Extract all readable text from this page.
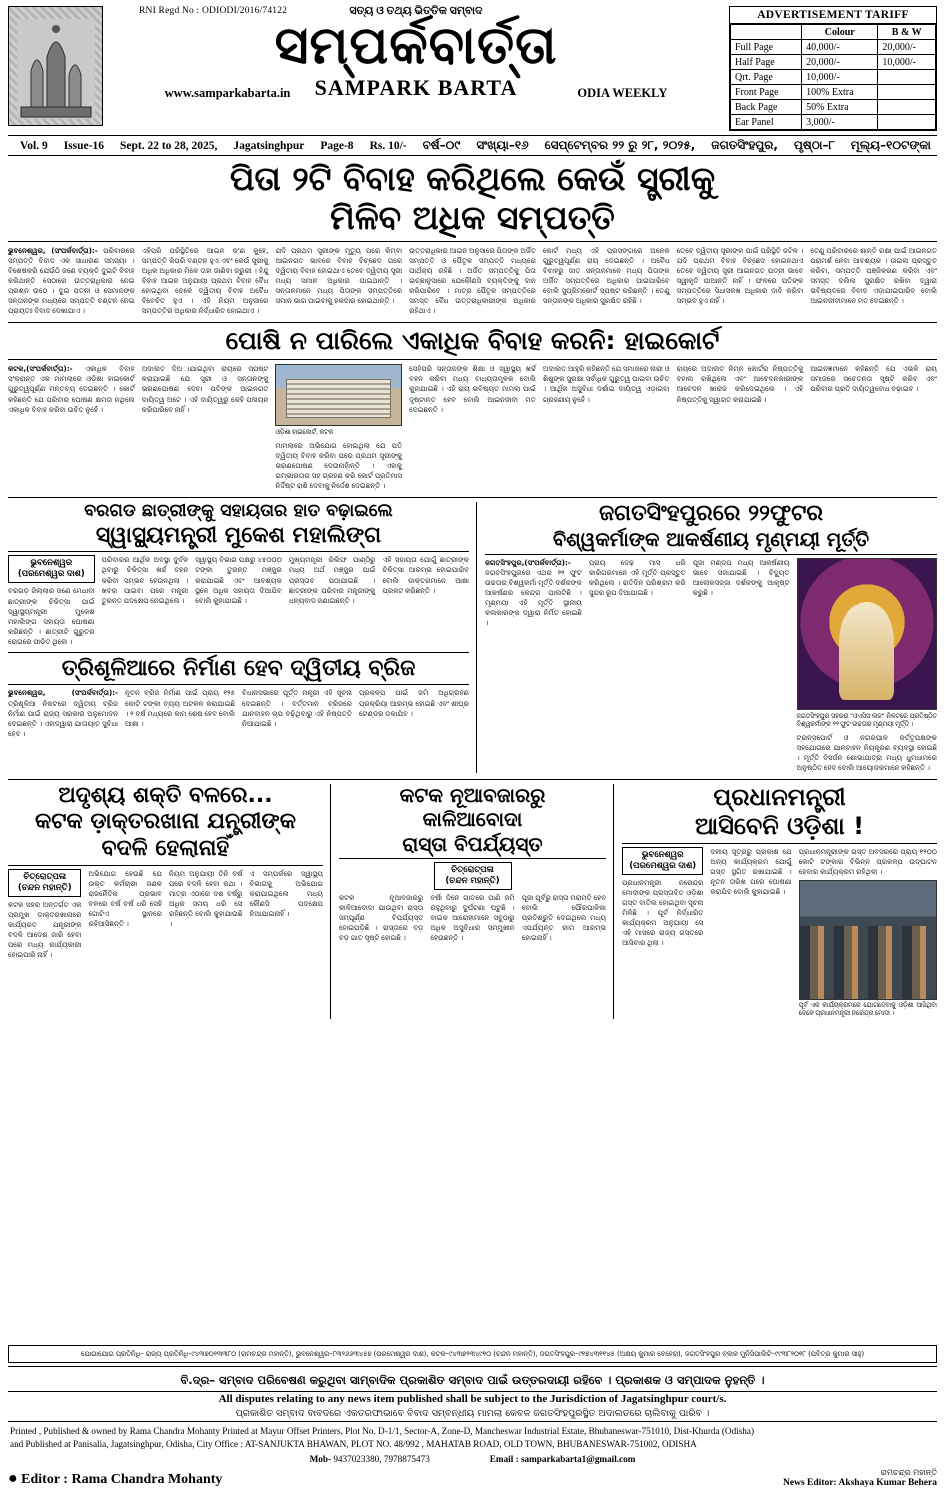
RNI Regd No : ODIODI/2016/74122	ସତ୍ୟ ଓ ତଥ୍ୟ ଭିତ୍ତିକ ସମ୍ବାଦ
ସମ୍ପର୍କବାର୍ତ୍ତା
www.samparkabarta.in	SAMPARK BARTA	ODIA WEEKLY
ADVERTISEMENT TARIFF
	Colour	B & W
Full Page	40,000/-	20,000/-
Half Page	20,000/-	10,000/-
Qrt. Page	10,000/-	
Front Page	100% Extra	
Back Page	50% Extra	
Ear Panel	3,000/-	
Vol. 9	Issue-16	Sept. 22 to 28, 2025,	Jagatsinghpur	Page-8	Rs. 10/-	ବର୍ଷ–୦୯	ସଂଖ୍ୟା–୧୬	ସେପ୍ଟେମ୍ବର ୨୨ ରୁ ୨୮, ୨୦୨୫,	ଜଗତସିଂହପୁର,	ପୃଷ୍ଠା–୮	ମୂଲ୍ୟ–୧୦ଟଙ୍କା
ପିତା ୨ଟି ବିବାହ କରିଥିଲେ କେଉଁ ସ୍ତ୍ରୀକୁ
ମିଳିବ ଅଧିକ ସମ୍ପତ୍ତି
ଭୁବନେଶ୍ୱର, (ସଂପର୍କବାର୍ତ୍ତା):- ପରିବାରରେ ସମ୍ପତ୍ତି ବିବାଦ ଏକ ସାଧାରଣ ସମସ୍ୟା । ବିଶେଷକରି ଯେଉଁଠି ଜଣେ ବ୍ୟକ୍ତି ଦୁଇଟି ବିବାହ କରିଥାନ୍ତି ସେଠାରେ ଉତ୍ତରାଧିକାର ନେଇ ପ୍ରଶ୍ନ ଉଠେ । ଦୁଇ ପତ୍ନୀ ଓ ସେମାନଙ୍କ ସନ୍ତାନଙ୍କ ମଧ୍ୟରେ ସମ୍ପତ୍ତି ବଣ୍ଟନ ନେଇ ପ୍ରାୟତଃ ବିବାଦ ଦେଖାଯାଏ ।
ଏହିପରି ପରିସ୍ଥିତିରେ ଆଇନ କ'ଣ କୁହେ, ସମ୍ପତ୍ତି କିପରି ବଣ୍ଟନ ହୁଏ ଏବଂ କେଉଁ ସ୍ତ୍ରୀକୁ ଅଧିକ ଅଧିକାର ମିଳେ ତାହା ଜାଣିବା ଜରୁରୀ । ହିନ୍ଦୁ ବିବାହ ଆଇନ ଅନୁଯାୟୀ ପ୍ରଥମ ବିବାହ ବୈଧ ହୋଇଥିବା ବେଳେ ଦ୍ୱିତୀୟ ବିବାହ ଅବୈଧ ବିବେଚିତ ହୁଏ । ଏହି ନିୟମ ଅନୁସାରେ ସମ୍ପତ୍ତିର ଅଧିକାର ନିର୍ଦ୍ଧାରିତ ହୋଇଥାଏ ।
ଯଦି ପ୍ରଥମ ସ୍ତ୍ରୀଙ୍କ ମୃତ୍ୟୁ ପରେ କିମ୍ବା ଆଇନଗତ ଭାବରେ ବିବାହ ବିଚ୍ଛେଦ ପରେ ଦ୍ୱିତୀୟ ବିବାହ ହୋଇଥାଏ ତେବେ ଦ୍ୱିତୀୟ ସ୍ତ୍ରୀ ମଧ୍ୟ ସମାନ ଅଧିକାର ପାଇଥାନ୍ତି । ସନ୍ତାନମାନେ ମଧ୍ୟ ପିତାଙ୍କ ସମ୍ପତ୍ତିରେ ସମାନ ଭାଗ ପାଇବାକୁ ହକଦାର ହୋଇଥାନ୍ତି ।
ଉତ୍ତରାଧିକାର ଆଇନ ଅନୁସାରେ ପିତାଙ୍କ ଅର୍ଜିତ ସମ୍ପତ୍ତି ଓ ପୈତୃକ ସମ୍ପତ୍ତି ମଧ୍ୟରେ ପାର୍ଥକ୍ୟ ରହିଛି । ଅର୍ଜିତ ସମ୍ପତ୍ତିକୁ ପିତା ଇଚ୍ଛାନୁସାରେ ଯେକୌଣସି ବ୍ୟକ୍ତିଙ୍କୁ ଦାନ କରିପାରିବେ । ମାତ୍ର ପୈତୃକ ସମ୍ପତ୍ତିରେ ସମସ୍ତ ବୈଧ ଉତ୍ତରାଧିକାରୀଙ୍କ ଅଧିକାର ରହିଥାଏ ।
କୋର୍ଟ ମଧ୍ୟ ଏହି ପ୍ରସଙ୍ଗରେ ଅନେକ ଗୁରୁତ୍ୱପୂର୍ଣ୍ଣ ରାୟ ଦେଇଛନ୍ତି । ଅବୈଧ ବିବାହରୁ ଜାତ ସନ୍ତାନମାନେ ମଧ୍ୟ ପିତାଙ୍କ ଅର୍ଜିତ ସମ୍ପତ୍ତିରେ ଅଧିକାର ପାଇପାରିବେ ବୋଲି ସୁପ୍ରିମକୋର୍ଟ ସ୍ପଷ୍ଟ କରିଛନ୍ତି । ତେଣୁ ସନ୍ତାନଙ୍କ ଅଧିକାର ସୁରକ୍ଷିତ ରହିଛି ।
ତେବେ ଦ୍ୱିତୀୟ ସ୍ତ୍ରୀଙ୍କ ପାଇଁ ପରିସ୍ଥିତି ଜଟିଳ । ଯଦି ପ୍ରଥମ ବିବାହ ବିଚ୍ଛେଦ ହୋଇନଥାଏ ତେବେ ଦ୍ୱିତୀୟ ସ୍ତ୍ରୀ ଆଇନଗତ ପତ୍ନୀ ଭାବେ ସ୍ୱୀକୃତି ପାଆନ୍ତି ନାହିଁ । ଫଳରେ ପତିଙ୍କ ସମ୍ପତ୍ତିରେ ସିଧାସଳଖ ଅଧିକାର ଦାବି କରିବା ସମ୍ଭବ ହୁଏ ନାହିଁ ।
ତେଣୁ ପରିବାରରେ ଶାନ୍ତି ରକ୍ଷା ପାଇଁ ଆଇନଗତ ପରାମର୍ଶ ନେବା ଆବଶ୍ୟକ । ଉଇଲ ପ୍ରସ୍ତୁତ କରିବା, ସମ୍ପତ୍ତି ପଞ୍ଜିକରଣ କରିବା ଏବଂ ସମସ୍ତ ଦଲିଲ ସୁରକ୍ଷିତ ରଖିବା ଦ୍ୱାରା ଭବିଷ୍ୟତରେ ବିବାଦ ଏଡ଼ାଯାଇପାରିବ ବୋଲି ଆଇନଜୀବୀମାନେ ମତ ଦେଇଛନ୍ତି ।
ପୋଷି ନ ପାରିଲେ ଏକାଧିକ ବିବାହ କରନି: ହାଇକୋର୍ଟ
କଟକ,(ସଂପର୍କବାର୍ତ୍ତା):- ଏକାଧିକ ବିବାହ ସଂକ୍ରାନ୍ତ ଏକ ମାମଲାରେ ଓଡ଼ିଶା ହାଇକୋର୍ଟ ଗୁରୁତ୍ୱପୂର୍ଣ୍ଣ ମନ୍ତବ୍ୟ ଦେଇଛନ୍ତି । କୋର୍ଟ କହିଛନ୍ତି ଯେ ପରିବାର ପୋଷଣ କ୍ଷମତା ନଥିଲେ ଏକାଧିକ ବିବାହ କରିବା ଉଚିତ ନୁହେଁ ।
ଅଦାଲତ ଦିଅାଯାଇଥିବା ରାୟରେ ସ୍ପଷ୍ଟ କରାଯାଇଛି ଯେ ସ୍ତ୍ରୀ ଓ ସନ୍ତାନଙ୍କୁ ଭରଣପୋଷଣ ଦେବା ପତିଙ୍କ ଆଇନଗତ ଦାୟିତ୍ୱ ଅଟେ । ଏହି ଦାୟିତ୍ୱରୁ କେହି ପଳାୟନ କରିପାରିବେ ନାହିଁ ।
ଓଡ଼ିଶା ହାଇକୋର୍ଟ, କଟକ
ମାମଲାରେ ଅଭିଯୋଗ ହୋଇଥିଲା ଯେ ପତି ଦ୍ୱିତୀୟ ବିବାହ କରିବା ପରେ ପ୍ରଥମ ସ୍ତ୍ରୀଙ୍କୁ ଭରଣପୋଷଣ ଦେଉନାହାଁନ୍ତି । ଏହାକୁ ଗମ୍ଭୀରତାର ସହ ଗ୍ରହଣ କରି କୋର୍ଟ ପ୍ରତିମାସ ନିର୍ଦ୍ଦିଷ୍ଟ ରାଶି ଦେବାକୁ ନିର୍ଦ୍ଦେଶ ଦେଇଛନ୍ତି ।
ସେହିପରି ସନ୍ତାନଙ୍କ ଶିକ୍ଷା ଓ ସ୍ୱାସ୍ଥ୍ୟ ଖର୍ଚ୍ଚ ବହନ କରିବା ମଧ୍ୟ ବାଧ୍ୟତାମୂଳକ ବୋଲି କୁହାଯାଇଛି । ଏହି ରାୟ ଭବିଷ୍ୟତ ମାମଲା ପାଇଁ ଦୃଷ୍ଟାନ୍ତ ହେବ ବୋଲି ଆଇନଜୀବୀ ମତ ଦେଇଛନ୍ତି ।
ଅଦାଲତ ଆହୁରି କହିଛନ୍ତି ଯେ ସମାଜରେ ନାରୀ ଓ ଶିଶୁଙ୍କ ସୁରକ୍ଷା ସର୍ବାଧିକ ଗୁରୁତ୍ୱ ପାଇବା ଉଚିତ । ଆର୍ଥିକ ଅସୁବିଧା ଦର୍ଶାଇ ଦାୟିତ୍ୱ ଏଡ଼ାଇବା ଗ୍ରହଣୀୟ ନୁହେଁ ।
ରାୟରେ ଅଦାଲତ ନିମ୍ନ କୋର୍ଟର ନିଷ୍ପତ୍ତିକୁ ବହାଲ ରଖିଥିଲେ ଏବଂ ଆବେଦନକାରୀଙ୍କ ଆବେଦନ ଖାରଜ କରିଦେଇଥିଲେ । ଏହି ନିଷ୍ପତ୍ତିକୁ ସ୍ୱାଗତ କରାଯାଇଛି ।
ଆଇନଜ୍ଞମାନେ କହିଛନ୍ତି ଯେ ଏଭଳି ରାୟ ସମାଜରେ ସଚେତନତା ସୃଷ୍ଟି କରିବ ଏବଂ ପରିବାର ପ୍ରତି ଦାୟିତ୍ୱବୋଧ ବଢ଼ାଇବ ।
ବରଗଡ ଛାତ୍ରୀଙ୍କୁ ସହାୟତାର ହାତ ବଢ଼ାଇଲେ
ସ୍ୱାସ୍ଥ୍ୟମନ୍ତ୍ରୀ ମୁକେଶ ମହାଲିଙ୍ଗ
ଭୁବନେଶ୍ୱର
(ପରମେଶ୍ୱର ଦାଶ)
ବରଗଡ଼ ଜିଲ୍ଲାର ଜଣେ ମେଧାବୀ ଛାତ୍ରୀଙ୍କ ଚିକିତ୍ସା ପାଇଁ ସ୍ୱାସ୍ଥ୍ୟମନ୍ତ୍ରୀ ମୁକେଶ ମହାଲିଙ୍ଗ ସହାୟତା ଘୋଷଣା କରିଛନ୍ତି । ଛାତ୍ରୀଟି ଗୁରୁତର ରୋଗରେ ପୀଡ଼ିତ ଥିଲେ ।
ପରିବାରର ଆର୍ଥିକ ଅବସ୍ଥା ଦୁର୍ବଳ ଥିବାରୁ ଚିକିତ୍ସା ଖର୍ଚ୍ଚ ବହନ କରିବା ସମ୍ଭବ ହେଉନଥିଲା । ଖବର ପାଇବା ପରେ ମନ୍ତ୍ରୀ ତୁରନ୍ତ ପଦକ୍ଷେପ ନେଇଥିଲେ ।
ସ୍ୱାସ୍ଥ୍ୟ ବିଭାଗ ପକ୍ଷରୁ ୪୫୦୦୦ ଟଙ୍କା ତୁରନ୍ତ ମଞ୍ଜୁର କରାଯାଇଛି ଏବଂ ଆବଶ୍ୟକ ସ୍ଥଳେ ଅଧିକ ସହାୟତା ଦିଆଯିବ ବୋଲି କୁହାଯାଇଛି ।
ମୁଖ୍ୟମନ୍ତ୍ରୀ ରିଲିଫ ପାଣ୍ଠିରୁ ମଧ୍ୟ ଅର୍ଥ ମଞ୍ଜୁର ପାଇଁ ପ୍ରସ୍ତାବ ପଠାଯାଇଛି । ଛାତ୍ରୀଙ୍କ ପରିବାର ମନ୍ତ୍ରୀଙ୍କୁ ଧନ୍ୟବାଦ ଜଣାଇଛନ୍ତି ।
ଏହି ସହାୟତା ଯୋଗୁଁ ଛାତ୍ରୀଙ୍କ ଚିକିତ୍ସା ଆରମ୍ଭ ହୋଇପାରିବ ବୋଲି ଡାକ୍ତରମାନେ ଆଶା ପ୍ରକଟ କରିଛନ୍ତି ।
ତ୍ରିଶୂଳିଆରେ ନିର୍ମାଣ ହେବ ଦ୍ୱିତୀୟ ବ୍ରିଜ
ଭୁବନେଶ୍ୱର, (ସଂପର୍କବାର୍ତ୍ତା):- ତ୍ରିଶୂଳିଆ ନିକଟରେ ଦ୍ୱିତୀୟ ବ୍ରିଜ ନିର୍ମାଣ ପାଇଁ ରାଜ୍ୟ ସରକାର ଅନୁମୋଦନ ଦେଇଛନ୍ତି । ଏହାଦ୍ୱାରା ଯାତାୟାତ ସୁବିଧା ହେବ ।
ନୂତନ ବ୍ରିଜ ନିର୍ମାଣ ପାଇଁ ପ୍ରାୟ ୧୨୫ କୋଟି ଟଙ୍କା ବ୍ୟୟ ଅଟକଳ କରାଯାଇଛି । ୨ ବର୍ଷ ମଧ୍ୟରେ କାମ ଶେଷ ହେବ ବୋଲି ଆଶା ।
ବିଧାନସଭାରେ ପୂର୍ତ୍ତ ମନ୍ତ୍ରୀ ଏହି ସୂଚନା ଦେଇଛନ୍ତି । ବର୍ତ୍ତମାନ ବ୍ରିଜରେ ଯାନବାହନ ଚାପ ବଢ଼ିଥିବାରୁ ଏହି ନିଷ୍ପତ୍ତି ନିଆଯାଇଛି ।
ପ୍ରକଳ୍ପ ପାଇଁ ଜମି ଅଧିଗ୍ରହଣ ପ୍ରକ୍ରିୟା ଆରମ୍ଭ ହୋଇଛି ଏବଂ ଶୀଘ୍ର ଟେଣ୍ଡର ଡକାଯିବ ।
ଜଗତସିଂହପୁରରେ ୨୨ଫୁଟର
ବିଶ୍ୱକର୍ମାଙ୍କ ଆକର୍ଷଣୀୟ ମୃଣ୍ମୟୀ ମୂର୍ତ୍ତି
ଜଗତସିଂହପୁର,(ସଂପର୍କବାର୍ତ୍ତା):- ଜଗତସିଂହପୁରରେ ଏଥର ୨୨ ଫୁଟ ଉଚ୍ଚତାର ବିଶ୍ୱକର୍ମା ମୂର୍ତ୍ତି ଦର୍ଶକଙ୍କ ଆକର୍ଷଣର କେନ୍ଦ୍ର ପାଲଟିଛି । ମୃଣ୍ମୟୀ ଏହି ମୂର୍ତ୍ତି ସ୍ଥାନୀୟ କଳାକାରଙ୍କ ଦ୍ୱାରା ନିର୍ମିତ ହୋଇଛି ।
ପ୍ରାୟ ଦେଢ଼ ମାସ ଧରି କାରିଗରମାନେ ଏହି ମୂର୍ତ୍ତି ପ୍ରସ୍ତୁତ କରିଥିଲେ । ରାତିଦିନ ପରିଶ୍ରମ କରି ସୁନ୍ଦର ରୂପ ଦିଆଯାଇଛି ।
ପୂଜା ମଣ୍ଡପ ମଧ୍ୟ ଆକର୍ଷଣୀୟ ଭାବେ ସଜାଯାଇଛି । ବିଦ୍ୟୁତ ଆଲୋକସଜ୍ଜା ଦର୍ଶକଙ୍କୁ ଆକୃଷ୍ଟ କରୁଛି ।
ଜଗତସିଂହପୁର ସହରର "ଓଏସିସ ଲଜ" ନିକଟରେ ପ୍ରତିଷ୍ଠିତ ବିଶ୍ୱକର୍ମାଙ୍କ ୨୨ ଫୁଟ ଉଚ୍ଚତାର ମୃଣ୍ମୟୀ ମୂର୍ତ୍ତି ।
ଟ୍ରାନ୍ସପୋର୍ଟ ଓ ନଗରପାଳ କର୍ତ୍ତୃପକ୍ଷଙ୍କ ସହଯୋଗରେ ଯାନବାହନ ନିୟନ୍ତ୍ରଣ ବ୍ୟବସ୍ଥା ହୋଇଛି । ମୂର୍ତ୍ତି ବିସର୍ଜନ ଶୋଭାଯାତ୍ରା ମଧ୍ୟ ଧୁମଧାମରେ ଅନୁଷ୍ଠିତ ହେବ ବୋଲି ଆୟୋଜକମାନେ କହିଛନ୍ତି ।
ଅଦୃଶ୍ୟ ଶକ୍ତି ବଳରେ...
କଟକ ଡ଼ାକ୍ତରଖାନା ଯନ୍ତ୍ରୀଙ୍କ
ବଦଳି ହେଲାନାହିଁ
ଚିତ୍ରୋତ୍ପଳା
(ଚନ୍ଦନ ମହାନ୍ତି)
କଟକ ସହର ଅନ୍ତର୍ଗତ ଏକ ପ୍ରମୁଖ ଡ଼ାକ୍ତରଖାନାରେ କାର୍ଯ୍ୟରତ ଯନ୍ତ୍ରୀଙ୍କ ବଦଳି ଆଦେଶ ଜାରି ହେବା ପରେ ମଧ୍ୟ କାର୍ଯ୍ୟକାରୀ ହୋଇପାରି ନାହିଁ ।
ଅଭିଯୋଗ ହେଉଛି ଯେ ଉକ୍ତ କର୍ମଚାରୀ ଜଣକ ରାଜନୈତିକ ପ୍ରଭାବ ବଳରେ ବର୍ଷ ବର୍ଷ ଧରି ସେହି ଗୋଟିଏ ସ୍ଥାନରେ ରହିଆସିଛନ୍ତି ।
ନିୟମ ଅନୁଯାୟୀ ତିନି ବର୍ଷ ପରେ ବଦଳି ହେବା କଥା । ମାତ୍ର ଏଠାରେ ଦଶ ବର୍ଷରୁ ଅଧିକ ସମୟ ଧରି ସେ ରହିଛନ୍ତି ବୋଲି କୁହାଯାଉଛି ।
ଏ ସମ୍ପର୍କରେ ସ୍ୱାସ୍ଥ୍ୟ ବିଭାଗକୁ ଅଭିଯୋଗ କରାଯାଇଥିଲେ ମଧ୍ୟ କୌଣସି ପଦକ୍ଷେପ ନିଆଯାଇନାହିଁ ।
କଟକ ନୂଆବଜାରରୁ
କାଳିଆବୋଦା
ରାସ୍ତା ବିପର୍ଯ୍ୟସ୍ତ
ଚିତ୍ରୋତ୍ପଳା
(ଚନ୍ଦନ ମହାନ୍ତି)
କଟକ ନୂଆବଜାରରୁ କାଳିଆବୋଦା ଯାଉଥିବା ରାସ୍ତା ସମ୍ପୂର୍ଣ୍ଣ ବିପର୍ଯ୍ୟସ୍ତ ହୋଇପଡ଼ିଛି । ରାସ୍ତାରେ ବଡ଼ ବଡ଼ ଗାତ ସୃଷ୍ଟି ହୋଇଛି ।
ବର୍ଷା ଦିନେ ଗାତରେ ପାଣି ଜମି ରହୁଥିବାରୁ ଦୁର୍ଘଟଣା ଘଟୁଛି । ବାଇକ ଆରୋହୀମାନେ ସବୁଠାରୁ ଅଧିକ ଅସୁବିଧାର ସମ୍ମୁଖୀନ ହେଉଛନ୍ତି ।
ପୂଜା ପୂର୍ବରୁ ରାସ୍ତା ମରାମତି ହେବ ବୋଲି ପୌରପାଳିକା ପ୍ରତିଶ୍ରୁତି ଦେଇଥିଲେ ମଧ୍ୟ ଏପର୍ଯ୍ୟନ୍ତ କାମ ଆରମ୍ଭ ହୋଇନାହିଁ ।
ପ୍ରଧାନମନ୍ତ୍ରୀ
ଆସିବେନି ଓଡ଼ିଶା !
ଭୁବନେଶ୍ୱର
(ପରମେଶ୍ୱର ଦାଶ)
ପ୍ରଧାନମନ୍ତ୍ରୀ ନରେନ୍ଦ୍ର ମୋଦୀଙ୍କ ପ୍ରସ୍ତାବିତ ଓଡ଼ିଶା ଗସ୍ତ ବାତିଲ ହୋଇଥିବା ସୂଚନା ମିଳିଛି । ପୂର୍ବ ନିର୍ଦ୍ଧାରିତ କାର୍ଯ୍ୟକ୍ରମ ଅନୁଯାୟୀ ସେ ଏହି ମାସରେ ରାଜ୍ୟ ଗସ୍ତରେ ଆସିବାର ଥିଲା ।
ଦଳୀୟ ସୂତ୍ରରୁ ପ୍ରକାଶ ଯେ ଅନ୍ୟ କାର୍ଯ୍ୟକ୍ରମ ଯୋଗୁଁ ଗସ୍ତ ସ୍ଥଗିତ ରଖାଯାଇଛି । ନୂତନ ତାରିଖ ପରେ ଘୋଷଣା କରାଯିବ ବୋଲି କୁହାଯାଇଛି ।
ପ୍ରଧାନମନ୍ତ୍ରୀଙ୍କ ଗସ୍ତ ଅବସରରେ ପ୍ରାୟ ୧୨୦୦ କୋଟି ଟଙ୍କାର ବିଭିନ୍ନ ପ୍ରକଳ୍ପ ଉଦ୍‌ଘାଟନ ହେବାର କାର୍ଯ୍ୟକ୍ରମ ରହିଥିଲା ।
ପୂର୍ବ ଏକ କାର୍ଯ୍ୟକ୍ରମରେ ଯୋଗଦେବାକୁ ଓଡ଼ିଶା ଆସିଥିବା ବେଳେ ପ୍ରଧାନମନ୍ତ୍ରୀ ନରେନ୍ଦ୍ର ମୋଦୀ ।
ଯୋଗାଯୋଗ ପ୍ରତିନିଧି– ରାଜ୍ୟ ପ୍ରତିନିଧି–୯୪୩୭୦୨୩୩୮୦ (ରାମଚନ୍ଦ୍ର ମହାନ୍ତି), ଭୁବନେଶ୍ୱର–୮୩୨୬୬୩୪୫୭ (ପରମେଶ୍ୱର ଦାଶ), କଟକ–୯୪୩୭୨୩୪୯୧୦ (ଚନ୍ଦନ ମହାନ୍ତି), ଜଗତସିଂହପୁର–୯୧୭୪୩୧୧୪୫ (ଅକ୍ଷୟ କୁମାର ବେହେରା), ଜଗତସିଂହପୁର ବ୍ଲକ ମୁନିସିପାଲିଟି–୯୯୩୮୨୦୧୮ (ପବିତ୍ର କୁମାର ସାହୁ)
ବି.ଦ୍ର– ସମ୍ବାଦ ପରିବେଷଣ କରୁଥିବା ସାମ୍ବାଦିକ ପ୍ରକାଶିତ ସମ୍ବାଦ ପାଇଁ ଉତ୍ତରଦାୟୀ ରହିବେ । ପ୍ରକାଶକ ଓ ସମ୍ପାଦକ ନୁହନ୍ତି ।
All disputes relating to any news item published shall be subject to the Jurisdiction of Jagatsinghpur court/s.
ପ୍ରକାଶିତ ସମ୍ବାଦ ବାବଦରେ ଏକତରଫାଭାବେ ବିବାଦ ସମ୍ବନ୍ଧୀୟ ମାମଲା କେବଳ ଜଗତସିଂହପୁରସ୍ଥିତ ଅଦାଲତରେ ଚାଲିବାକୁ ପାରିବ ।
Printed , Published & owned by Rama Chandra Mohanty Printed at Mayur Offset Printers, Plot No. D-1/1, Sector-A, Zone-D, Mancheswar Industrial Estate, Bhubaneswar-751010, Dist-Khurda (Odisha)
and Published at Panisalia, Jagatsinghpur, Odisha, City Office : AT-SANJUKTA BHAWAN, PLOT NO. 48/992 , MAHATAB ROAD, OLD TOWN, BHUBANESWAR-751002, ODISHA
Mob- 9437023380, 7978875473	Email : samparkabarta1@gmail.com
● Editor : Rama Chandra Mohanty	ରାମଚନ୍ଦ୍ର ମହାନ୍ତି
News Editor: Akshaya Kumar Behera
